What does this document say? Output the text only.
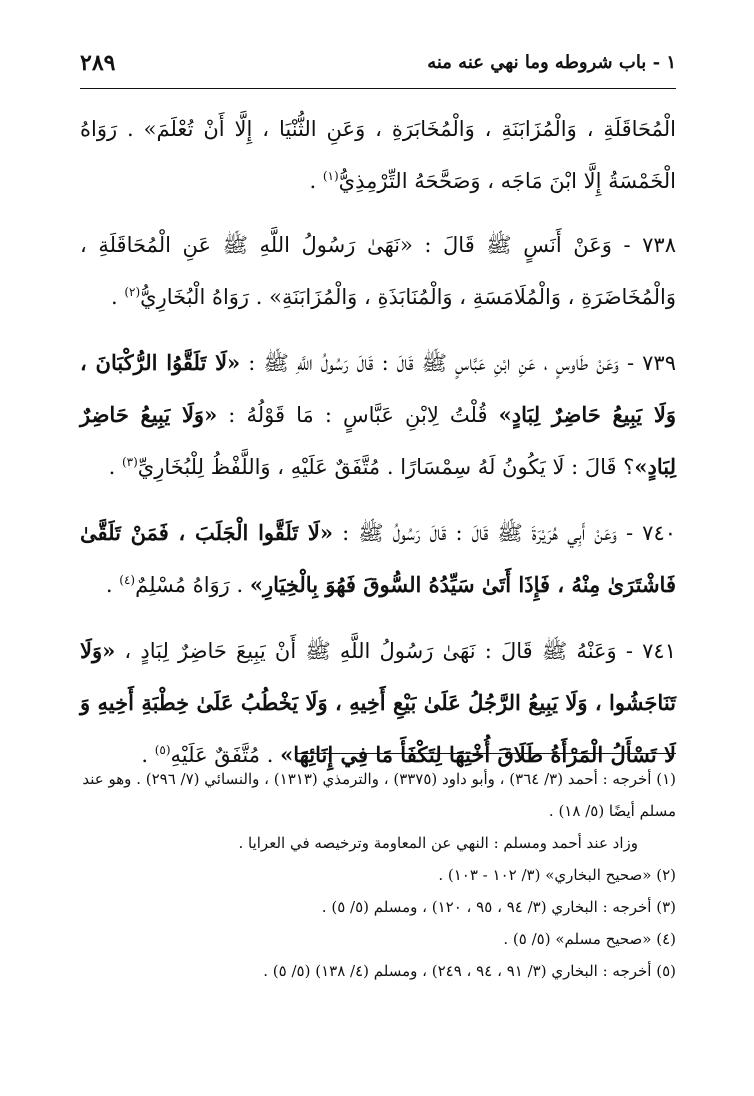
١ - باب شروطه وما نهي عنه منه
٢٨٩

الْمُحَاقَلَةِ ، وَالْمُزَابَنَةِ ، وَالْمُخَابَرَةِ ، وَعَنِ الثُّنْيَا ، إِلَّا أَنْ تُعْلَمَ» . رَوَاهُ الْخَمْسَةُ إِلَّا ابْنَ مَاجَه ، وَصَحَّحَهُ التِّرْمِذِيُّ$^{(١)}$ .

٧٣٨ - وَعَنْ أَنَسٍ ﷺ قَالَ : «نَهَىٰ رَسُولُ اللَّهِ ﷺ عَنِ الْمُحَاقَلَةِ ، وَالْمُخَاضَرَةِ ، وَالْمُلَامَسَةِ ، وَالْمُنَابَذَةِ ، وَالْمُزَابَنَةِ» . رَوَاهُ الْبُخَارِيُّ$^{(٢)}$ .

٧٣٩ - وَعَنْ طَاوسٍ ، عَنِ ابْنِ عَبَّاسٍ ﷺ قَالَ : قَالَ رَسُولُ اللَّهِ ﷺ : «لَا تَلَقَّوُا الرُّكْبَانَ ، وَلَا يَبِيعُ حَاضِرٌ لِبَادٍ» قُلْتُ لِابْنِ عَبَّاسٍ : مَا قَوْلُهُ : «وَلَا يَبِيعُ حَاضِرٌ لِبَادٍ»؟ قَالَ : لَا يَكُونُ لَهُ سِمْسَارًا . مُتَّفَقٌ عَلَيْهِ ، وَاللَّفْظُ لِلْبُخَارِيِّ$^{(٣)}$ .

٧٤٠ - وَعَنْ أَبِي هُرَيْرَةَ ﷺ قَالَ : قَالَ رَسُولُ ﷺ : «لَا تَلَقَّوا الْجَلَبَ ، فَمَنْ تَلَقَّىٰ فَاشْتَرَىٰ مِنْهُ ، فَإِذَا أَتَىٰ سَيِّدُهُ السُّوقَ فَهُوَ بِالْخِيَارِ» . رَوَاهُ مُسْلِمٌ$^{(٤)}$ .

٧٤١ - وَعَنْهُ ﷺ قَالَ : نَهَىٰ رَسُولُ اللَّهِ ﷺ أَنْ يَبِيعَ حَاضِرٌ لِبَادٍ ، «وَلَا تَنَاجَشُوا ، وَلَا يَبِيعُ الرَّجُلُ عَلَىٰ بَيْعِ أَخِيهِ ، وَلَا يَخْطُبُ عَلَىٰ خِطْبَةِ أَخِيهِ وَ لَا تَسْأَلُ الْمَرْأَةُ طَلَاقَ أُخْتِهَا لِتَكْفَأَ مَا فِي إِنَائِهَا» . مُتَّفَقٌ عَلَيْهِ$^{(٥)}$ .

(١) أخرجه : أحمد (٣/ ٣٦٤) ، وأبو داود (٣٣٧٥) ، والترمذي (١٣١٣) ، والنسائي (٧/ ٢٩٦) . وهو عند مسلم أيضًا (٥/ ١٨) .

وزاد عند أحمد ومسلم : النهي عن المعاومة وترخيصه في العرايا .

(٢) «صحيح البخاري» (٣/ ١٠٢ - ١٠٣) .

(٣) أخرجه : البخاري (٣/ ٩٤ ، ٩٥ ، ١٢٠) ، ومسلم (٥/ ٥) .

(٤) «صحيح مسلم» (٥/ ٥) .

(٥) أخرجه : البخاري (٣/ ٩١ ، ٩٤ ، ٢٤٩) ، ومسلم (٤/ ١٣٨) (٥/ ٥) .
